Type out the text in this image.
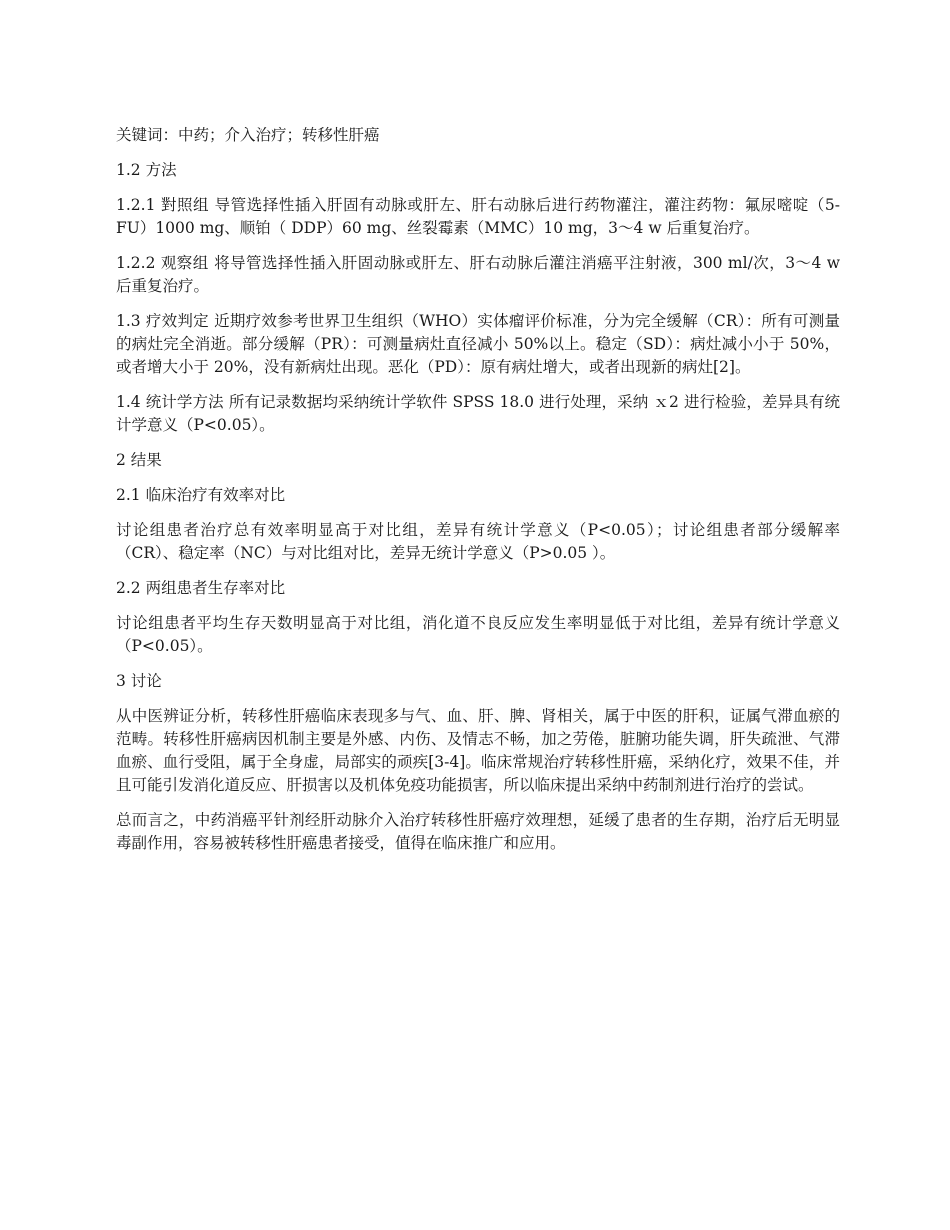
关键词：中药；介入治疗；转移性肝癌

1.2 方法

1.2.1 對照组 导管选择性插入肝固有动脉或肝左、肝右动脉后进行药物灌注，灌注药物：氟尿嘧啶（5-FU）1000 mg、顺铂（ DDP）60 mg、丝裂霉素（MMC）10 mg，3～4 w 后重复治疗。

1.2.2 观察组 将导管选择性插入肝固动脉或肝左、肝右动脉后灌注消癌平注射液，300 ml/次，3～4 w 后重复治疗。

1.3 疗效判定 近期疗效参考世界卫生组织（WHO）实体瘤评价标准，分为完全缓解（CR）：所有可测量的病灶完全消逝。部分缓解（PR）：可测量病灶直径减小 50%以上。稳定（SD）：病灶减小小于 50%，或者增大小于 20%，没有新病灶出现。恶化（PD）：原有病灶增大，或者出现新的病灶[2]。

1.4 统计学方法 所有记录数据均采纳统计学软件 SPSS 18.0 进行处理，采纳 ｘ2 进行检验，差异具有统计学意义（P<0.05）。

2 结果

2.1 临床治疗有效率对比

讨论组患者治疗总有效率明显高于对比组，差异有统计学意义（P<0.05）；讨论组患者部分缓解率（CR）、稳定率（NC）与对比组对比，差异无统计学意义（P>0.05 ）。

2.2 两组患者生存率对比

讨论组患者平均生存天数明显高于对比组，消化道不良反应发生率明显低于对比组，差异有统计学意义（P<0.05）。

3 讨论

从中医辨证分析，转移性肝癌临床表现多与气、血、肝、脾、肾相关，属于中医的肝积，证属气滞血瘀的范畴。转移性肝癌病因机制主要是外感、内伤、及情志不畅，加之劳倦，脏腑功能失调，肝失疏泄、气滞血瘀、血行受阻，属于全身虚，局部实的顽疾[3-4]。临床常规治疗转移性肝癌，采纳化疗，效果不佳，并且可能引发消化道反应、肝损害以及机体免疫功能损害，所以临床提出采纳中药制剂进行治疗的尝试。

总而言之，中药消癌平针剂经肝动脉介入治疗转移性肝癌疗效理想，延缓了患者的生存期，治疗后无明显毒副作用，容易被转移性肝癌患者接受，值得在临床推广和应用。
